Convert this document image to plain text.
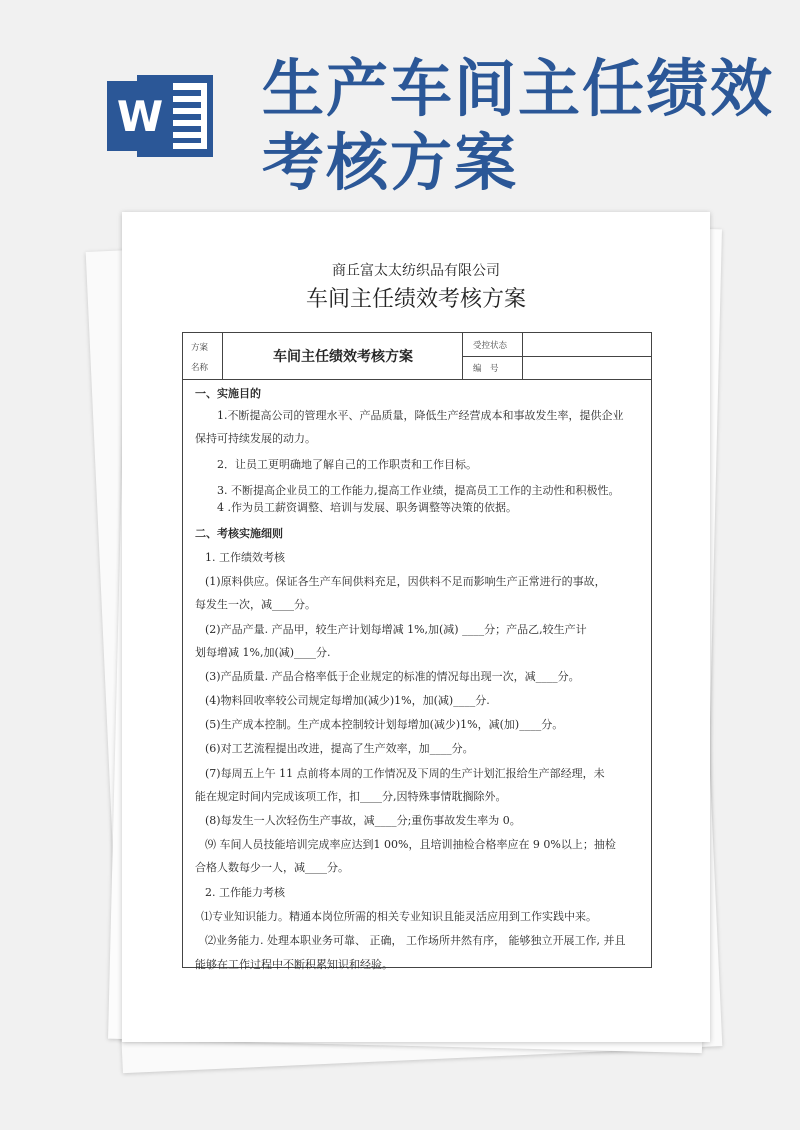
W 生产车间主任绩效
考核方案
商丘富太太纺织品有限公司
车间主任绩效考核方案
方案
名称
车间主任绩效考核方案
受控状态
编　号
一、实施目的
1.不断提高公司的管理水平、产品质量，降低生产经营成本和事故发生率，提供企业
保持可持续发展的动力。
2．让员工更明确地了解自己的工作职责和工作目标。
3. 不断提高企业员工的工作能力,提高工作业绩，提高员工工作的主动性和积极性。
4 .作为员工薪资调整、培训与发展、职务调整等决策的依据。
二、考核实施细则
1. 工作绩效考核
(1)原料供应。保证各生产车间供料充足，因供料不足而影响生产正常进行的事故，
每发生一次，减____分。
(2)产品产量. 产品甲，较生产计划每增减 1%,加(减) ____分；产品乙,较生产计
划每增减 1%,加(减)____分.
(3)产品质量. 产品合格率低于企业规定的标准的情况每出现一次，减____分。
(4)物料回收率较公司规定每增加(减少)1%，加(减)____分.
(5)生产成本控制。生产成本控制较计划每增加(减少)1%，减(加)____分。
(6)对工艺流程提出改进，提高了生产效率，加____分。
(7)每周五上午 11 点前将本周的工作情况及下周的生产计划汇报给生产部经理，未
能在规定时间内完成该项工作，扣____分,因特殊事情耽搁除外。
(8)每发生一人次轻伤生产事故，减____分;重伤事故发生率为 0。
⑼ 车间人员技能培训完成率应达到1 00%，且培训抽检合格率应在 9 0%以上；抽检
合格人数每少一人，减____分。
2. 工作能力考核
⑴专业知识能力。精通本岗位所需的相关专业知识且能灵活应用到工作实践中来。
⑵业务能力. 处理本职业务可靠、 正确， 工作场所井然有序， 能够独立开展工作, 并且
能够在工作过程中不断积累知识和经验。
